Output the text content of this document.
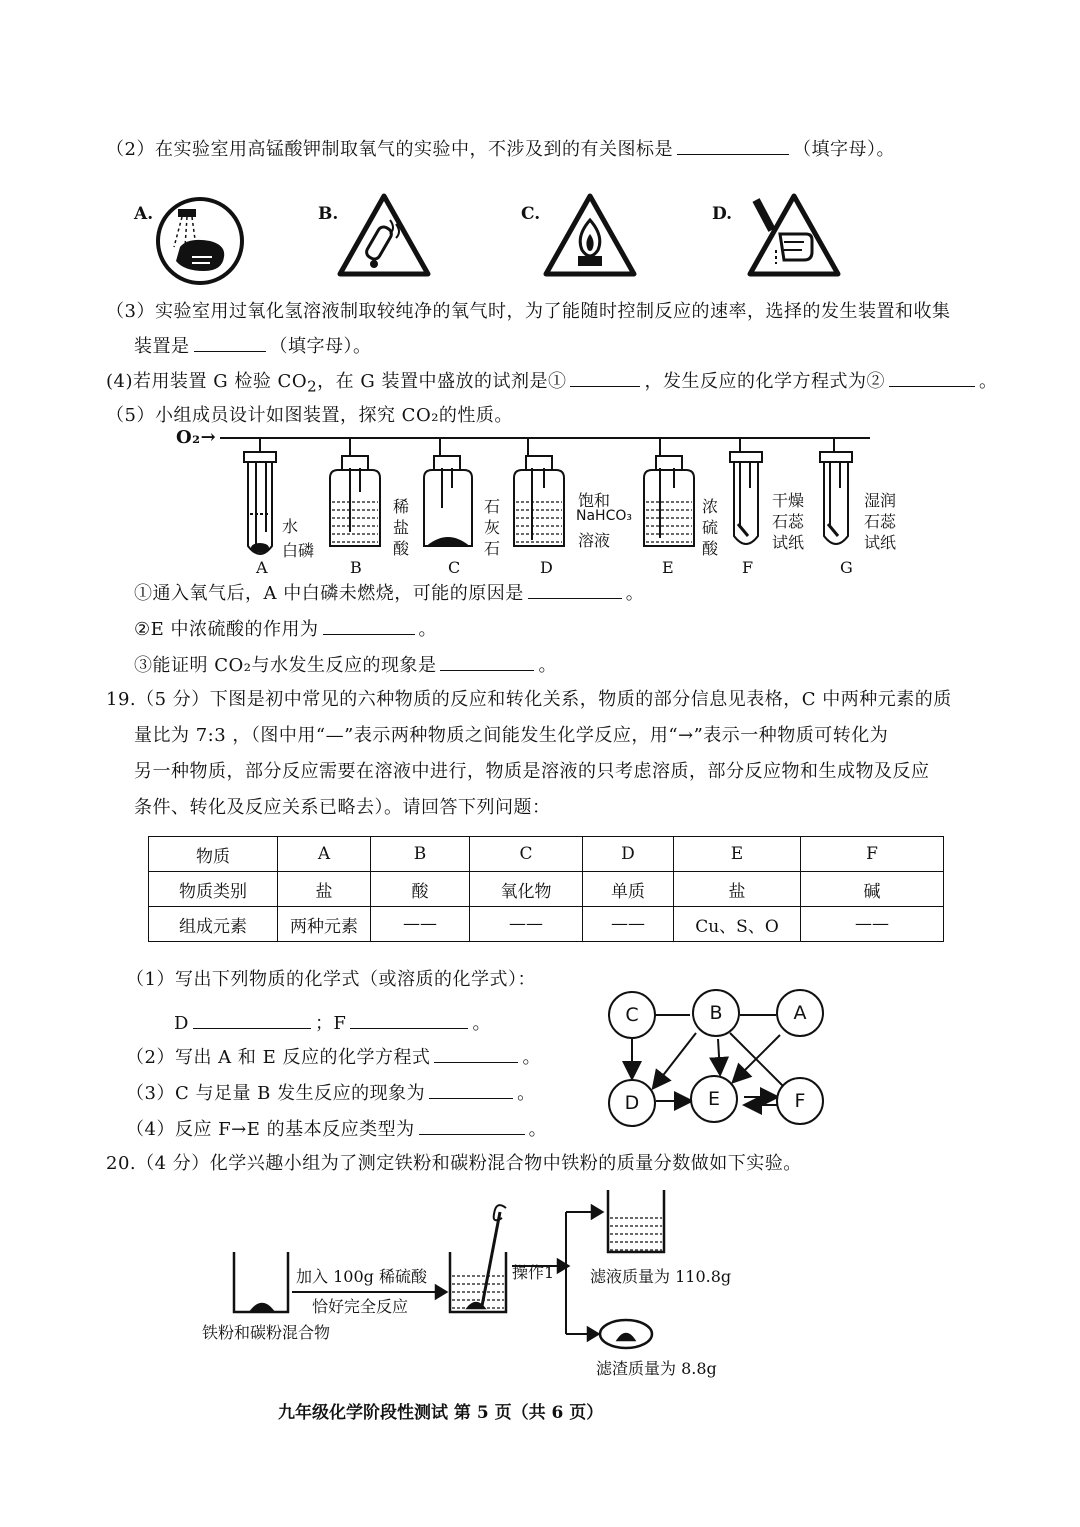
（2）在实验室用高锰酸钾制取氧气的实验中，不涉及到的有关图标是	（填字母）。
A.	B.	C.	D.
（3）实验室用过氧化氢溶液制取较纯净的氧气时，为了能随时控制反应的速率，选择的发生装置和收集
装置是	（填字母）。
(4)若用装置 G 检验 $CO_2$，在 G 装置中盛放的试剂是①	，发生反应的化学方程式为②	。
（5）小组成员设计如图装置，探究 CO₂的性质。
O₂→
水
白磷
稀盐酸
石灰石
饱和
NaHCO₃
溶液
浓硫酸
干燥石蕊试纸
湿润石蕊试纸
A	B	C	D	E	F	G
①通入氧气后，A 中白磷未燃烧，可能的原因是	。
②E 中浓硫酸的作用为	。
③能证明 CO₂与水发生反应的现象是	。
19.（5 分）下图是初中常见的六种物质的反应和转化关系，物质的部分信息见表格，C 中两种元素的质
量比为 7:3 ，（图中用“—”表示两种物质之间能发生化学反应，用“→”表示一种物质可转化为
另一种物质，部分反应需要在溶液中进行，物质是溶液的只考虑溶质，部分反应物和生成物及反应
条件、转化及反应关系已略去）。请回答下列问题：
物质	A	B	C	D	E	F
物质类别	盐	酸	氧化物	单质	盐	碱
组成元素	两种元素	——	——	——	Cu、S、O	——
（1）写出下列物质的化学式（或溶质的化学式）：
D	；F	。
（2）写出 A 和 E 反应的化学方程式	。
（3）C 与足量 B 发生反应的现象为	。
（4）反应 F→E 的基本反应类型为	。
C	B	A
D	E	F
20.（4 分）化学兴趣小组为了测定铁粉和碳粉混合物中铁粉的质量分数做如下实验。
加入 100g 稀硫酸
恰好完全反应
铁粉和碳粉混合物
操作1 滤液质量为 110.8g
滤渣质量为 8.8g
九年级化学阶段性测试 第 5 页（共 6 页）
